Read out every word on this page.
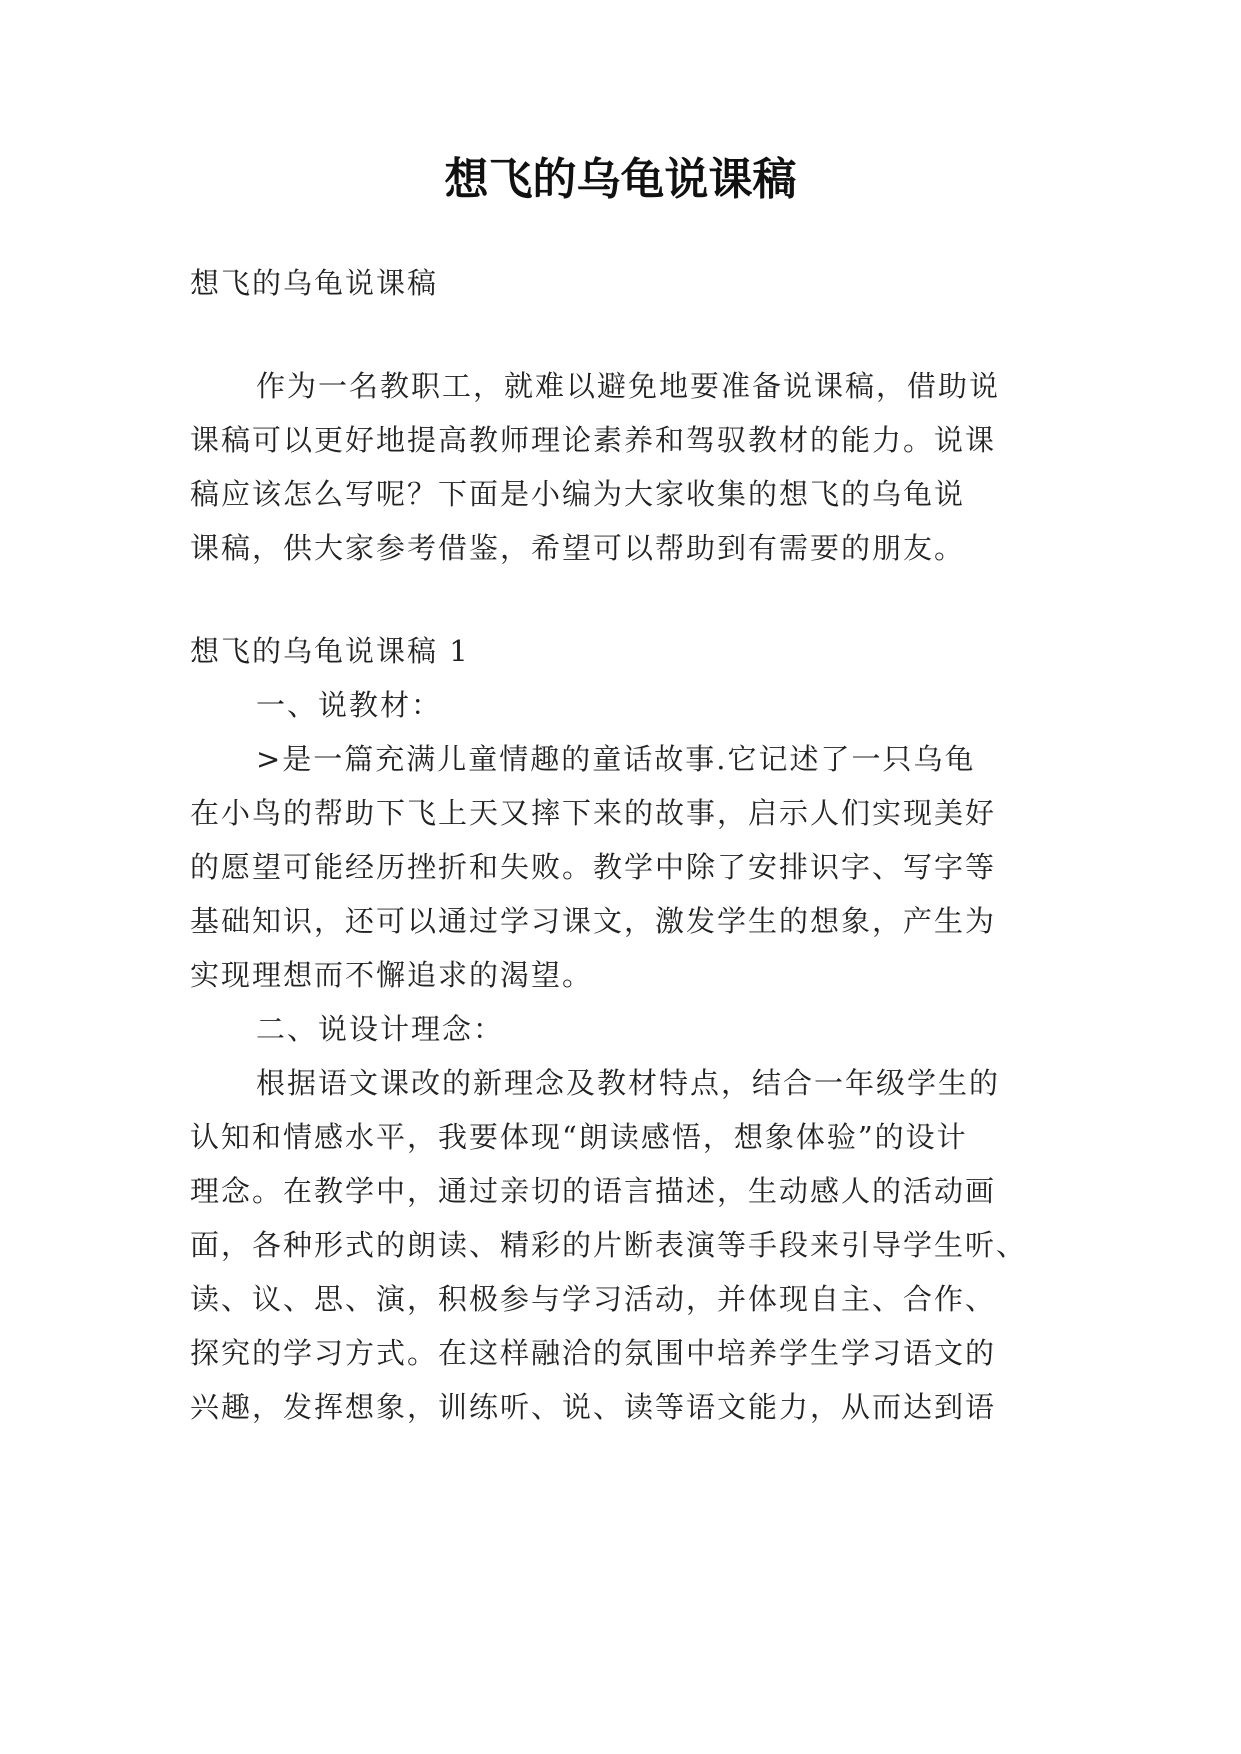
想飞的乌龟说课稿
想飞的乌龟说课稿
作为一名教职工，就难以避免地要准备说课稿，借助说
课稿可以更好地提高教师理论素养和驾驭教材的能力。说课
稿应该怎么写呢？下面是小编为大家收集的想飞的乌龟说
课稿，供大家参考借鉴，希望可以帮助到有需要的朋友。
想飞的乌龟说课稿 1
一、说教材：
>是一篇充满儿童情趣的童话故事.它记述了一只乌龟
在小鸟的帮助下飞上天又摔下来的故事，启示人们实现美好
的愿望可能经历挫折和失败。教学中除了安排识字、写字等
基础知识，还可以通过学习课文，激发学生的想象，产生为
实现理想而不懈追求的渴望。
二、说设计理念：
根据语文课改的新理念及教材特点，结合一年级学生的
认知和情感水平，我要体现“朗读感悟，想象体验”的设计
理念。在教学中，通过亲切的语言描述，生动感人的活动画
面，各种形式的朗读、精彩的片断表演等手段来引导学生听、
读、议、思、演，积极参与学习活动，并体现自主、合作、
探究的学习方式。在这样融洽的氛围中培养学生学习语文的
兴趣，发挥想象，训练听、说、读等语文能力，从而达到语
